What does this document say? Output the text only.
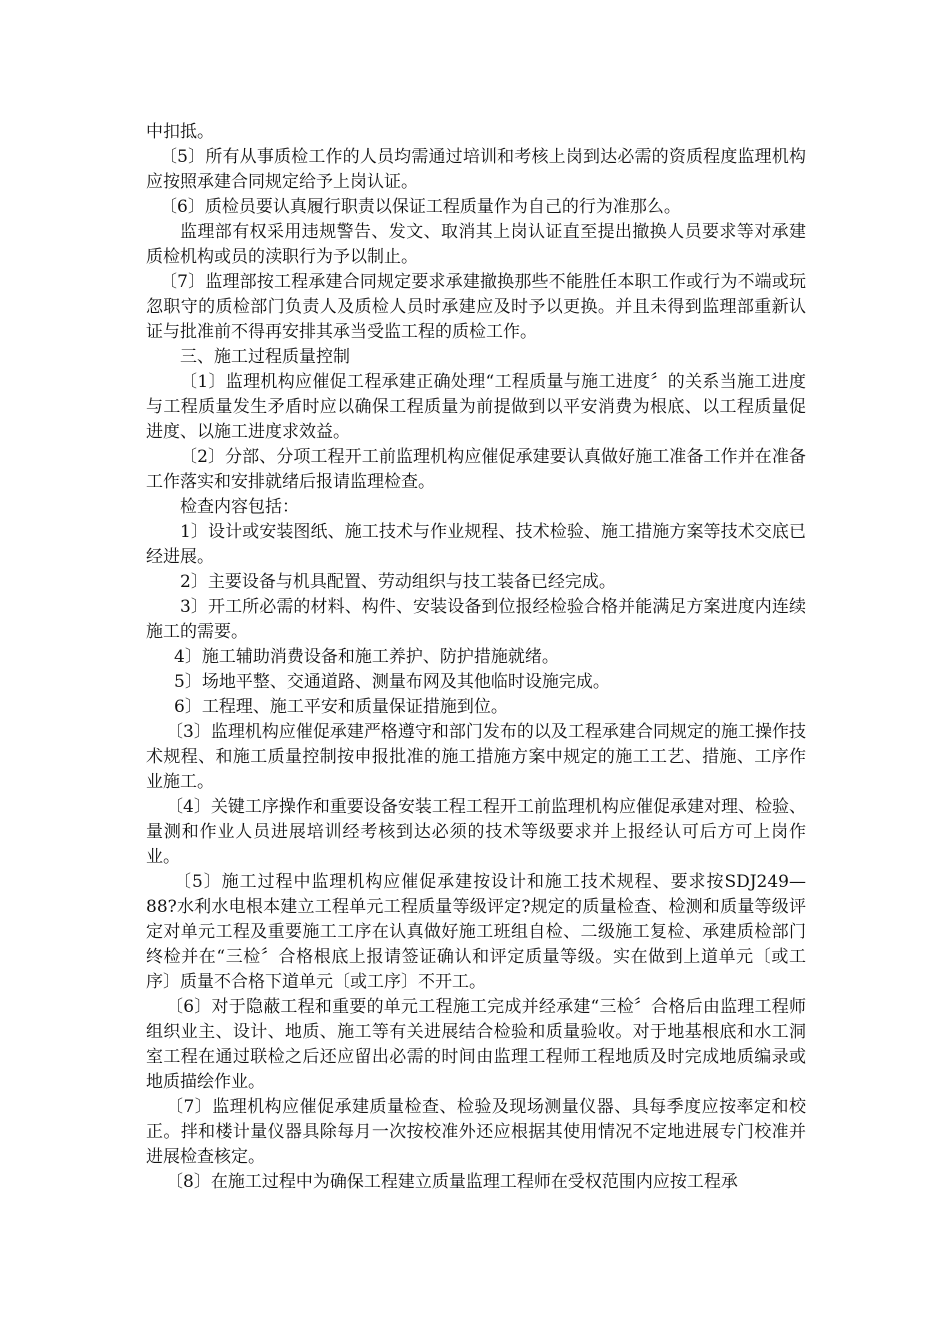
中扣抵。

〔5〕所有从事质检工作的人员均需通过培训和考核上岗到达必需的资质程度监理机构应按照承建合同规定给予上岗认证。

〔6〕质检员要认真履行职责以保证工程质量作为自己的行为准那么。

监理部有权采用违规警告、发文、取消其上岗认证直至提出撤换人员要求等对承建质检机构或员的渎职行为予以制止。

〔7〕监理部按工程承建合同规定要求承建撤换那些不能胜任本职工作或行为不端或玩忽职守的质检部门负责人及质检人员时承建应及时予以更换。并且未得到监理部重新认证与批准前不得再安排其承当受监工程的质检工作。

三、施工过程质量控制

〔1〕监理机构应催促工程承建正确处理“工程质量与施工进度〞的关系当施工进度与工程质量发生矛盾时应以确保工程质量为前提做到以平安消费为根底、以工程质量促进度、以施工进度求效益。

〔2〕分部、分项工程开工前监理机构应催促承建要认真做好施工准备工作并在准备工作落实和安排就绪后报请监理检查。

检查内容包括：

1〕设计或安装图纸、施工技术与作业规程、技术检验、施工措施方案等技术交底已经进展。

2〕主要设备与机具配置、劳动组织与技工装备已经完成。

3〕开工所必需的材料、构件、安装设备到位报经检验合格并能满足方案进度内连续施工的需要。

4〕施工辅助消费设备和施工养护、防护措施就绪。

5〕场地平整、交通道路、测量布网及其他临时设施完成。

6〕工程理、施工平安和质量保证措施到位。

〔3〕监理机构应催促承建严格遵守和部门发布的以及工程承建合同规定的施工操作技术规程、和施工质量控制按申报批准的施工措施方案中规定的施工工艺、措施、工序作业施工。

〔4〕关键工序操作和重要设备安装工程工程开工前监理机构应催促承建对理、检验、量测和作业人员进展培训经考核到达必须的技术等级要求并上报经认可后方可上岗作业。

〔5〕施工过程中监理机构应催促承建按设计和施工技术规程、要求按SDJ249—88?水利水电根本建立工程单元工程质量等级评定?规定的质量检查、检测和质量等级评定对单元工程及重要施工工序在认真做好施工班组自检、二级施工复检、承建质检部门终检并在“三检〞合格根底上报请签证确认和评定质量等级。实在做到上道单元〔或工序〕质量不合格下道单元〔或工序〕不开工。

〔6〕对于隐蔽工程和重要的单元工程施工完成并经承建“三检〞合格后由监理工程师组织业主、设计、地质、施工等有关进展结合检验和质量验收。对于地基根底和水工洞室工程在通过联检之后还应留出必需的时间由监理工程师工程地质及时完成地质编录或地质描绘作业。

〔7〕监理机构应催促承建质量检查、检验及现场测量仪器、具每季度应按率定和校正。拌和楼计量仪器具除每月一次按校准外还应根据其使用情况不定地进展专门校准并进展检查核定。

〔8〕在施工过程中为确保工程建立质量监理工程师在受权范围内应按工程承
